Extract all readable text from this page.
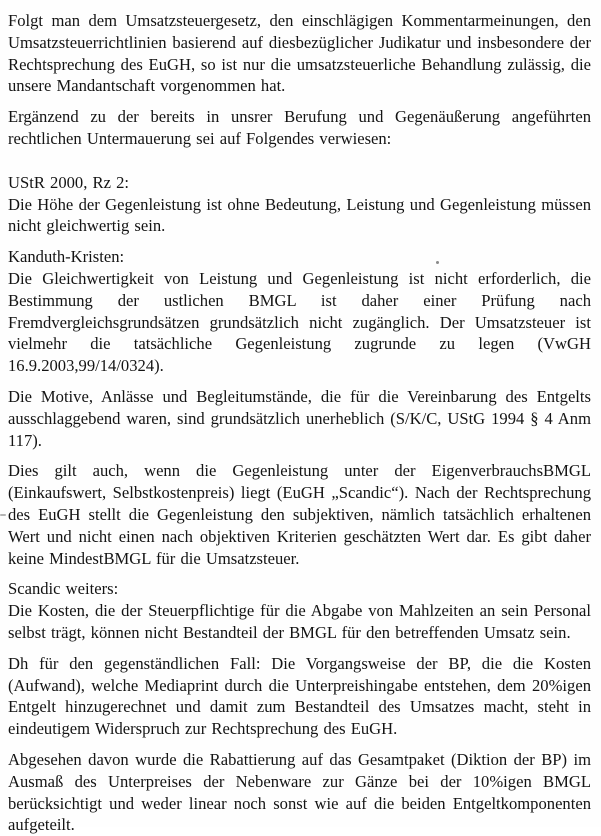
Folgt man dem Umsatzsteuergesetz, den einschlägigen Kommentarmeinungen, den Umsatzsteuerrichtlinien basierend auf diesbezüglicher Judikatur und insbesondere der Rechtsprechung des EuGH, so ist nur die umsatzsteuerliche Behandlung zulässig, die unsere Mandantschaft vorgenommen hat.
Ergänzend zu der bereits in unsrer Berufung und Gegenäußerung angeführten rechtlichen Untermauerung sei auf Folgendes verwiesen:
UStR 2000, Rz 2:
Die Höhe der Gegenleistung ist ohne Bedeutung, Leistung und Gegenleistung müssen nicht gleichwertig sein.
Kanduth-Kristen:
Die Gleichwertigkeit von Leistung und Gegenleistung ist nicht erforderlich, die Bestimmung der ustlichen BMGL ist daher einer Prüfung nach Fremdvergleichsgrundsätzen grundsätzlich nicht zugänglich. Der Umsatzsteuer ist vielmehr die tatsächliche Gegenleistung zugrunde zu legen (VwGH 16.9.2003,99/14/0324).
Die Motive, Anlässe und Begleitumstände, die für die Vereinbarung des Entgelts ausschlaggebend waren, sind grundsätzlich unerheblich (S/K/C, UStG 1994 § 4 Anm 117).
Dies gilt auch, wenn die Gegenleistung unter der EigenverbrauchsBMGL (Einkaufswert, Selbstkostenpreis) liegt (EuGH „Scandic“). Nach der Rechtsprechung des EuGH stellt die Gegenleistung den subjektiven, nämlich tatsächlich erhaltenen Wert und nicht einen nach objektiven Kriterien geschätzten Wert dar. Es gibt daher keine MindestBMGL für die Umsatzsteuer.
Scandic weiters:
Die Kosten, die der Steuerpflichtige für die Abgabe von Mahlzeiten an sein Personal selbst trägt, können nicht Bestandteil der BMGL für den betreffenden Umsatz sein.
Dh für den gegenständlichen Fall: Die Vorgangsweise der BP, die die Kosten (Aufwand), welche Mediaprint durch die Unterpreishingabe entstehen, dem 20%igen Entgelt hinzugerechnet und damit zum Bestandteil des Umsatzes macht, steht in eindeutigem Widerspruch zur Rechtsprechung des EuGH.
Abgesehen davon wurde die Rabattierung auf das Gesamtpaket (Diktion der BP) im Ausmaß des Unterpreises der Nebenware zur Gänze bei der 10%igen BMGL berücksichtigt und weder linear noch sonst wie auf die beiden Entgeltkomponenten aufgeteilt.
